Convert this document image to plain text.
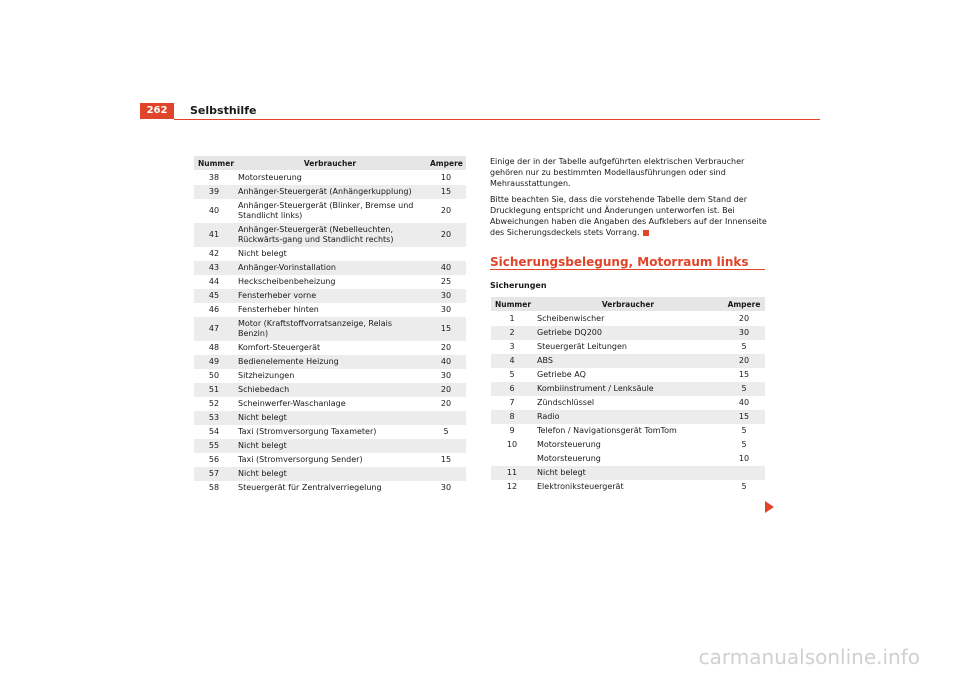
262	Selbsthilfe
Nummer	Verbraucher	Ampere
38	Motorsteuerung	10
39	Anhänger-Steuergerät (Anhängerkupplung)	15
40	Anhänger-Steuergerät (Blinker, Bremse und Standlicht links)	20
41	Anhänger-Steuergerät (Nebelleuchten, Rückwärts-gang und Standlicht rechts)	20
42	Nicht belegt	
43	Anhänger-Vorinstallation	40
44	Heckscheibenbeheizung	25
45	Fensterheber vorne	30
46	Fensterheber hinten	30
47	Motor (Kraftstoffvorratsanzeige, Relais Benzin)	15
48	Komfort-Steuergerät	20
49	Bedienelemente Heizung	40
50	Sitzheizungen	30
51	Schiebedach	20
52	Scheinwerfer-Waschanlage	20
53	Nicht belegt	
54	Taxi (Stromversorgung Taxameter)	5
55	Nicht belegt	
56	Taxi (Stromversorgung Sender)	15
57	Nicht belegt	
58	Steuergerät für Zentralverriegelung	30

Einige der in der Tabelle aufgeführten elektrischen Verbraucher gehören nur zu bestimmten Modellausführungen oder sind Mehrausstattungen.

Bitte beachten Sie, dass die vorstehende Tabelle dem Stand der Drucklegung entspricht und Änderungen unterworfen ist. Bei Abweichungen haben die Angaben des Aufklebers auf der Innenseite des Sicherungsdeckels stets Vorrang.

Sicherungsbelegung, Motorraum links
Sicherungen
Nummer	Verbraucher	Ampere
1	Scheibenwischer	20
2	Getriebe DQ200	30
3	Steuergerät Leitungen	5
4	ABS	20
5	Getriebe AQ	15
6	Kombiinstrument / Lenksäule	5
7	Zündschlüssel	40
8	Radio	15
9	Telefon / Navigationsgerät TomTom	5
10	Motorsteuerung	5
	Motorsteuerung	10
11	Nicht belegt	
12	Elektroniksteuergerät	5
carmanualsonline.info
